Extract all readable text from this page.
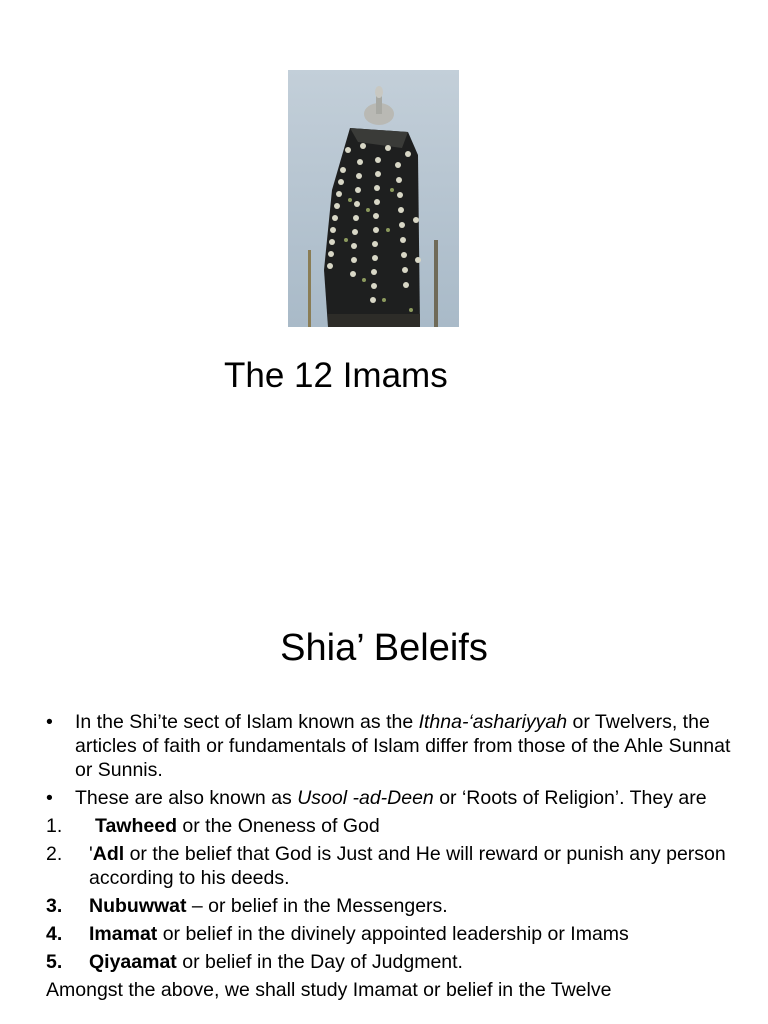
The 12 Imams
Shia’ Beleifs
• In the Shi’te sect of Islam known as the Ithna-‘ashariyyah or Twelvers, the articles of faith or fundamentals of Islam differ from those of the Ahle Sunnat or Sunnis.
• These are also known as Usool -ad-Deen or ‘Roots of Religion’. They are
1.	Tawheed or the Oneness of God
2.	'Adl or the belief that God is Just and He will reward or punish any person according to his deeds.
3.	Nubuwwat – or belief in the Messengers.
4.	Imamat or belief in the divinely appointed leadership or Imams
5.	Qiyaamat or belief in the Day of Judgment.
Amongst the above, we shall study Imamat or belief in the Twelve
